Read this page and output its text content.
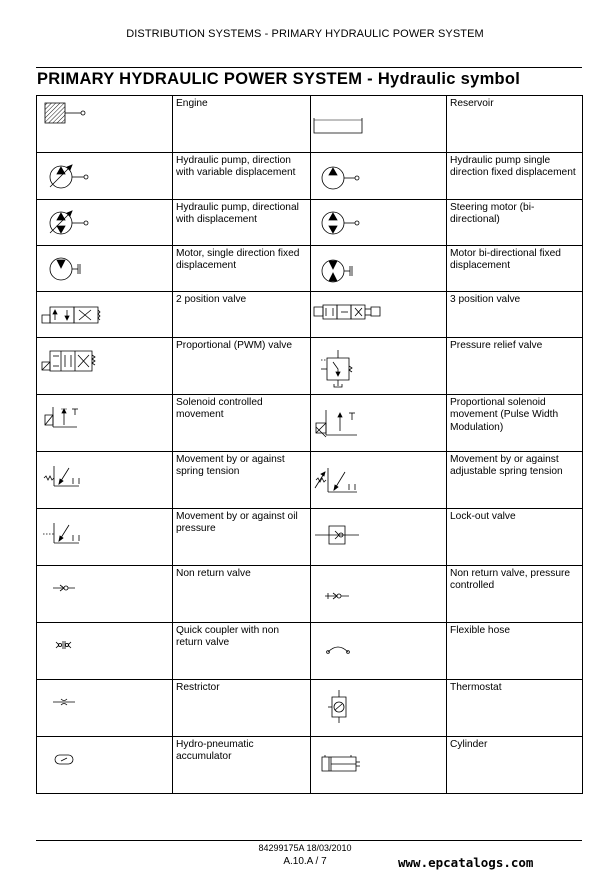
DISTRIBUTION SYSTEMS - PRIMARY HYDRAULIC POWER SYSTEM
PRIMARY HYDRAULIC POWER SYSTEM - Hydraulic symbol
	Engine		Reservoir

	Hydraulic pump, direction with variable displacement		Hydraulic pump single direction fixed displacement

	Hydraulic pump, directional with displacement		Steering motor (bi-directional)

	Motor, single direction fixed displacement		Motor bi-directional fixed displacement

	2 position valve		3 position valve

	Proportional (PWM) valve		Pressure relief valve

	Solenoid controlled movement		Proportional solenoid movement (Pulse Width Modulation)

	Movement by or against spring tension		Movement by or against adjustable spring tension

	Movement by or against oil pressure		Lock-out valve

	Non return valve		Non return valve, pressure controlled

	Quick coupler with non return valve		Flexible hose

	Restrictor		Thermostat

	Hydro-pneumatic accumulator		Cylinder
84299175A 18/03/2010
A.10.A / 7	www.epcatalogs.com
